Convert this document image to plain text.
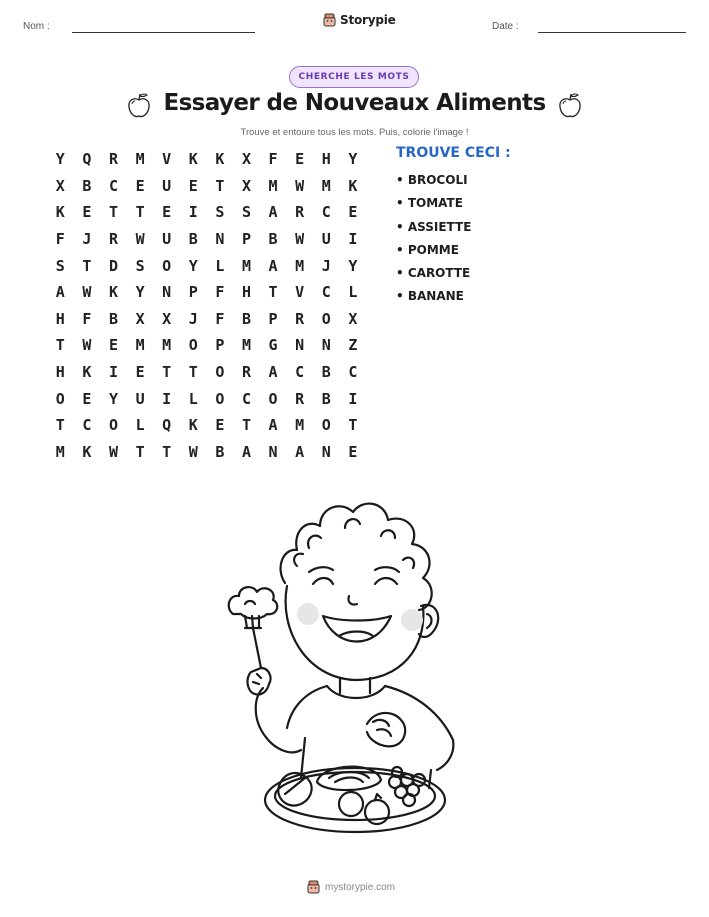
Nom :	Storypie	Date :
CHERCHE LES MOTS
Essayer de Nouveaux Aliments
Trouve et entoure tous les mots. Puis, colorie l'image !
Y	Q	R	M	V	K	K	X	F	E	H	Y
X	B	C	E	U	E	T	X	M	W	M	K
K	E	T	T	E	I	S	S	A	R	C	E
F	J	R	W	U	B	N	P	B	W	U	I
S	T	D	S	O	Y	L	M	A	M	J	Y
A	W	K	Y	N	P	F	H	T	V	C	L
H	F	B	X	X	J	F	B	P	R	O	X
T	W	E	M	M	O	P	M	G	N	N	Z
H	K	I	E	T	T	O	R	A	C	B	C
O	E	Y	U	I	L	O	C	O	R	B	I
T	C	O	L	Q	K	E	T	A	M	O	T
M	K	W	T	T	W	B	A	N	A	N	E
TROUVE CECI :
• BROCOLI
• TOMATE
• ASSIETTE
• POMME
• CAROTTE
• BANANE
mystorypie.com
